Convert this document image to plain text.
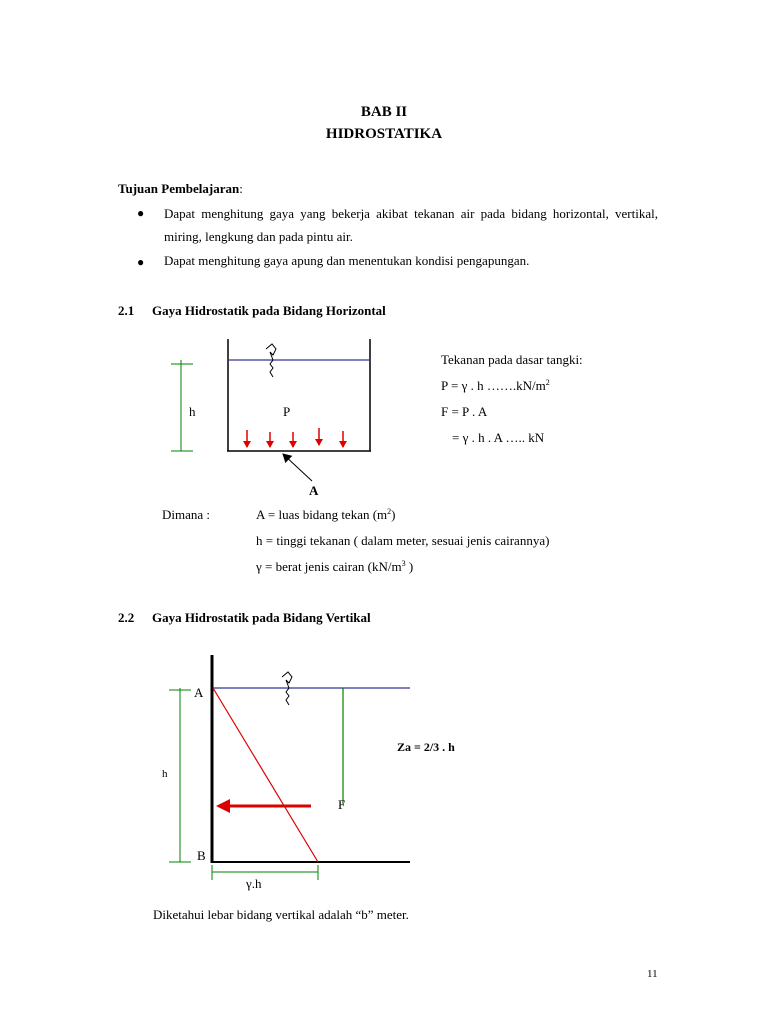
BAB II
HIDROSTATIKA
Tujuan Pembelajaran:
● Dapat menghitung gaya yang bekerja akibat tekanan air pada bidang horizontal, vertikal, miring, lengkung dan pada pintu air.
● Dapat menghitung gaya apung dan menentukan kondisi pengapungan.
2.1 Gaya Hidrostatik pada Bidang Horizontal
h	P
A
Tekanan pada dasar tangki:
P = γ . h $\dots\dots.kN/m^2$
F = P . A
= γ . h . A ….. kN
Dimana :	A = luas bidang tekan $(m^2)$
h = tinggi tekanan ( dalam meter, sesuai jenis cairannya)
γ = berat jenis cairan ($kN/m^3$ )
2.2 Gaya Hidrostatik pada Bidang Vertikal
A
B
h
F
γ.h
Za = 2/3 . h
Diketahui lebar bidang vertikal adalah “b” meter.
11
